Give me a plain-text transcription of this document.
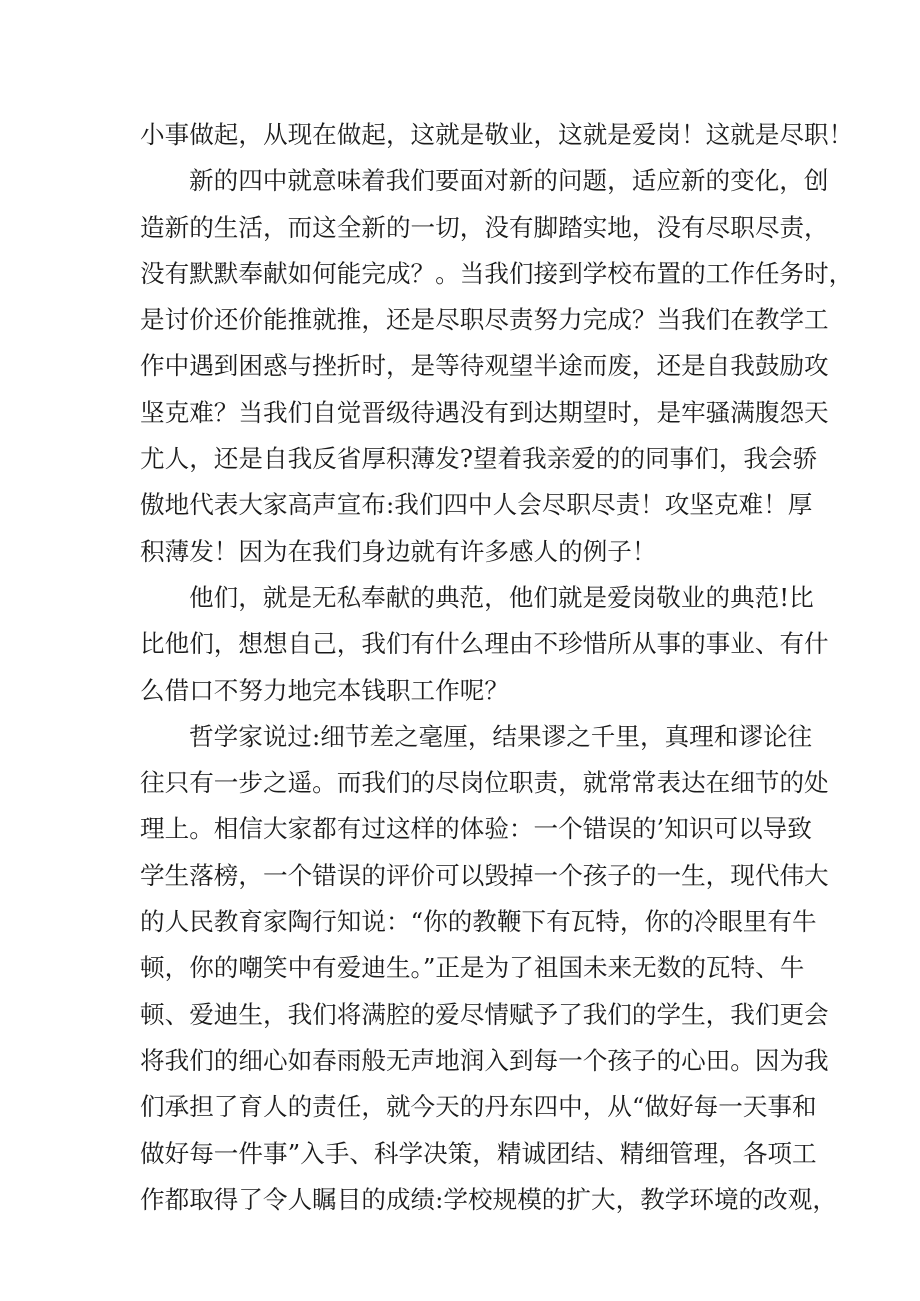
小事做起，从现在做起，这就是敬业，这就是爱岗！这就是尽职！
新的四中就意味着我们要面对新的问题，适应新的变化，创
造新的生活，而这全新的一切，没有脚踏实地，没有尽职尽责，
没有默默奉献如何能完成？。当我们接到学校布置的工作任务时，
是讨价还价能推就推，还是尽职尽责努力完成？当我们在教学工
作中遇到困惑与挫折时，是等待观望半途而废，还是自我鼓励攻
坚克难？当我们自觉晋级待遇没有到达期望时，是牢骚满腹怨天
尤人，还是自我反省厚积薄发?望着我亲爱的的同事们，我会骄
傲地代表大家高声宣布:我们四中人会尽职尽责！攻坚克难！厚
积薄发！因为在我们身边就有许多感人的例子！
他们，就是无私奉献的典范，他们就是爱岗敬业的典范!比
比他们，想想自己，我们有什么理由不珍惜所从事的事业、有什
么借口不努力地完本钱职工作呢？
哲学家说过:细节差之毫厘，结果谬之千里，真理和谬论往
往只有一步之遥。而我们的尽岗位职责，就常常表达在细节的处
理上。相信大家都有过这样的体验：一个错误的’知识可以导致
学生落榜，一个错误的评价可以毁掉一个孩子的一生，现代伟大
的人民教育家陶行知说：“你的教鞭下有瓦特，你的冷眼里有牛
顿，你的嘲笑中有爱迪生。”正是为了祖国未来无数的瓦特、牛
顿、爱迪生，我们将满腔的爱尽情赋予了我们的学生，我们更会
将我们的细心如春雨般无声地润入到每一个孩子的心田。因为我
们承担了育人的责任，就今天的丹东四中，从“做好每一天事和
做好每一件事”入手、科学决策，精诚团结、精细管理，各项工
作都取得了令人瞩目的成绩:学校规模的扩大，教学环境的改观，
